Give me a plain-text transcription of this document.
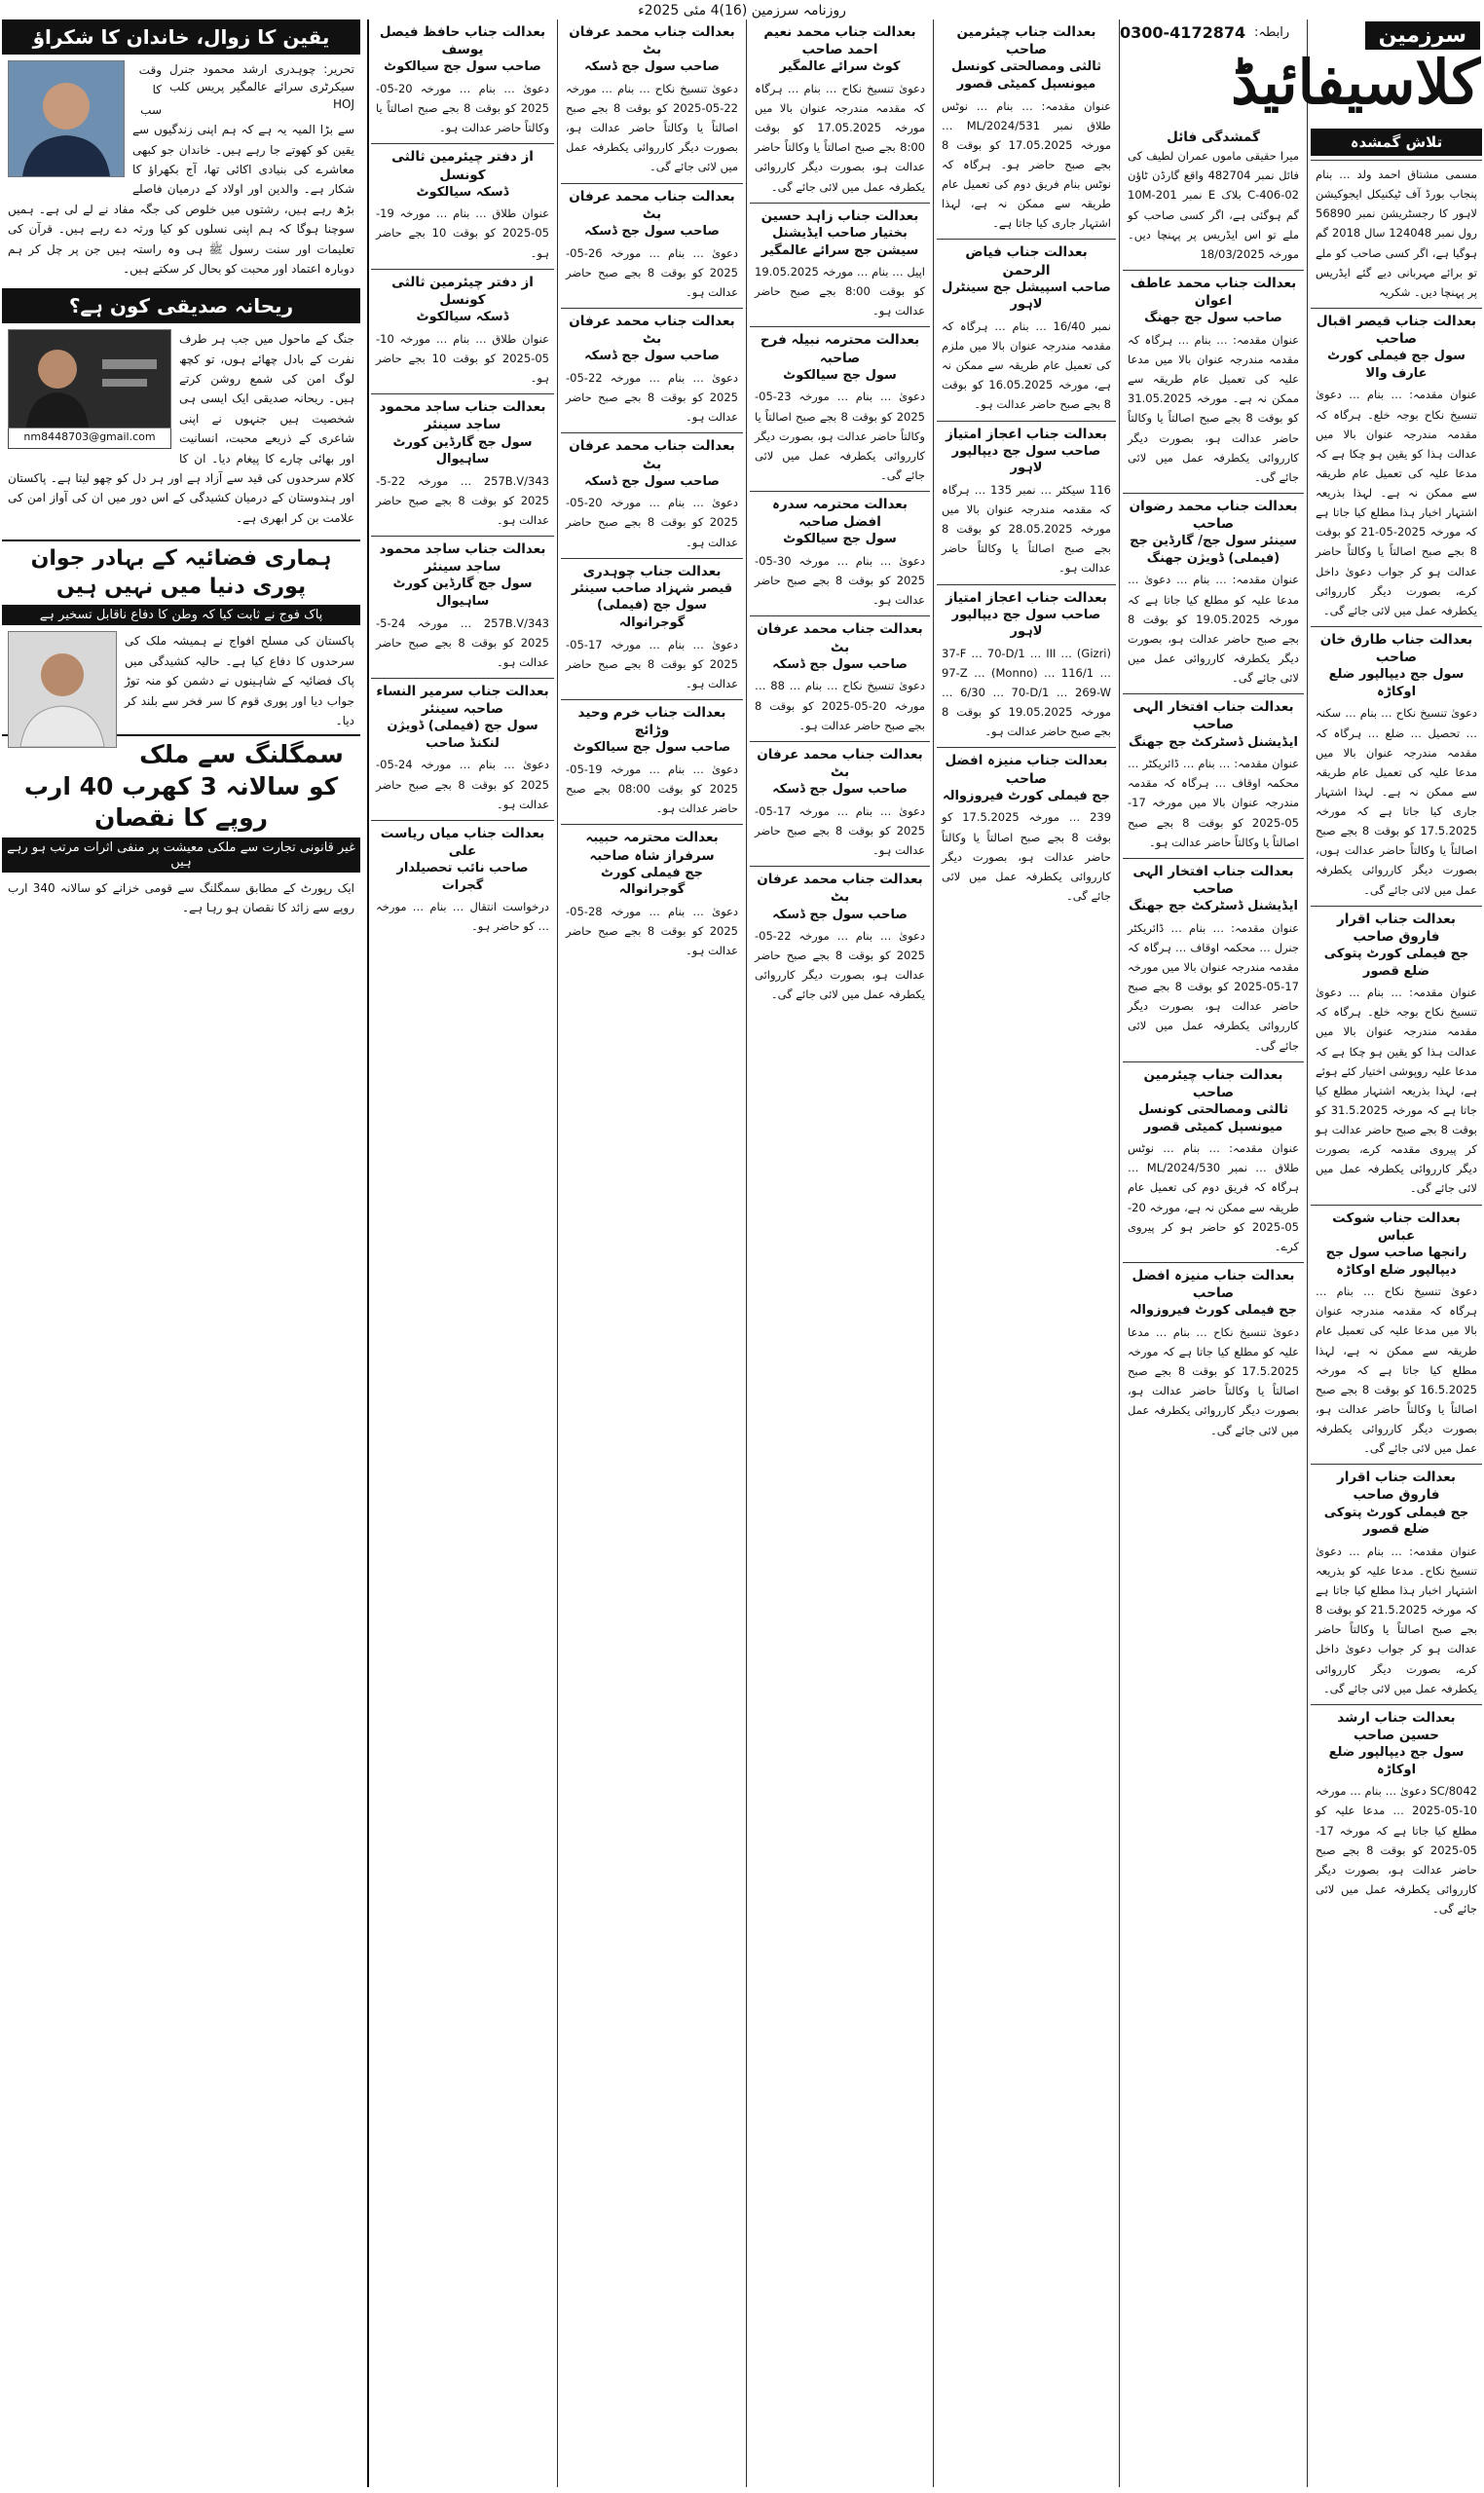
روزنامہ سرزمین (16)4 مئی 2025ء
تلاش گمشدہ
مسمی مشتاق احمد ولد … بنام پنجاب بورڈ آف ٹیکنیکل ایجوکیشن لاہور کا رجسٹریشن نمبر 56890 رول نمبر 124048 سال 2018 گم ہوگیا ہے، اگر کسی صاحب کو ملے تو برائے مہربانی دیے گئے ایڈریس پر پہنچا دیں۔ شکریہ
بعدالت جناب قیصر اقبال صاحب
سول جج فیملی کورٹ عارف والا
عنوان مقدمہ: … بنام … دعویٰ تنسیخ نکاح بوجہ خلع۔ ہرگاہ کہ مقدمہ مندرجہ عنوان بالا میں عدالت ہذا کو یقین ہو چکا ہے کہ مدعا علیہ کی تعمیل عام طریقہ سے ممکن نہ ہے۔ لہذا بذریعہ اشتہار اخبار ہذا مطلع کیا جاتا ہے کہ مورخہ 2025-05-21 کو بوقت 8 بجے صبح اصالتاً یا وکالتاً حاضر عدالت ہو کر جواب دعویٰ داخل کرے، بصورت دیگر کارروائی یکطرفہ عمل میں لائی جائے گی۔
بعدالت جناب طارق خان صاحب
سول جج دیپالپور ضلع اوکاڑہ
دعویٰ تنسیخ نکاح … بنام … سکنہ … تحصیل … ضلع … ہرگاہ کہ مقدمہ مندرجہ عنوان بالا میں مدعا علیہ کی تعمیل عام طریقہ سے ممکن نہ ہے۔ لہذا اشتہار جاری کیا جاتا ہے کہ مورخہ 17.5.2025 کو بوقت 8 بجے صبح اصالتاً یا وکالتاً حاضر عدالت ہوں، بصورت دیگر کارروائی یکطرفہ عمل میں لائی جائے گی۔
بعدالت جناب اقرار فاروق صاحب
جج فیملی کورٹ پتوکی ضلع قصور
عنوان مقدمہ: … بنام … دعویٰ تنسیخ نکاح بوجہ خلع۔ ہرگاہ کہ مقدمہ مندرجہ عنوان بالا میں عدالت ہذا کو یقین ہو چکا ہے کہ مدعا علیہ روپوشی اختیار کئے ہوئے ہے، لہذا بذریعہ اشتہار مطلع کیا جاتا ہے کہ مورخہ 31.5.2025 کو بوقت 8 بجے صبح حاضر عدالت ہو کر پیروی مقدمہ کرے، بصورت دیگر کارروائی یکطرفہ عمل میں لائی جائے گی۔
بعدالت جناب شوکت عباس
رانجھا صاحب سول جج دیپالپور ضلع اوکاڑہ
دعویٰ تنسیخ نکاح … بنام … ہرگاہ کہ مقدمہ مندرجہ عنوان بالا میں مدعا علیہ کی تعمیل عام طریقہ سے ممکن نہ ہے، لہذا مطلع کیا جاتا ہے کہ مورخہ 16.5.2025 کو بوقت 8 بجے صبح اصالتاً یا وکالتاً حاضر عدالت ہو، بصورت دیگر کارروائی یکطرفہ عمل میں لائی جائے گی۔
بعدالت جناب اقرار فاروق صاحب
جج فیملی کورٹ پتوکی ضلع قصور
عنوان مقدمہ: … بنام … دعویٰ تنسیخ نکاح۔ مدعا علیہ کو بذریعہ اشتہار اخبار ہذا مطلع کیا جاتا ہے کہ مورخہ 21.5.2025 کو بوقت 8 بجے صبح اصالتاً یا وکالتاً حاضر عدالت ہو کر جواب دعویٰ داخل کرے، بصورت دیگر کارروائی یکطرفہ عمل میں لائی جائے گی۔
بعدالت جناب ارشد حسین صاحب
سول جج دیپالپور ضلع اوکاڑہ
8042/SC دعویٰ … بنام … مورخہ 10-05-2025 … مدعا علیہ کو مطلع کیا جاتا ہے کہ مورخہ 17-05-2025 کو بوقت 8 بجے صبح حاضر عدالت ہو، بصورت دیگر کارروائی یکطرفہ عمل میں لائی جائے گی۔
سرزمین
کلاسیفائیڈ
رابطہ:
0300-4172874
گمشدگی فائل
میرا حقیقی ماموں عمران لطیف کی فائل نمبر 482704 واقع گارڈن ٹاؤن 02-C-406 بلاک E نمبر 10M-201 گم ہوگئی ہے، اگر کسی صاحب کو ملے تو اس ایڈریس پر پہنچا دیں۔ مورخہ 18/03/2025
بعدالت جناب محمد عاطف اعوان
صاحب سول جج جھنگ
عنوان مقدمہ: … بنام … ہرگاہ کہ مقدمہ مندرجہ عنوان بالا میں مدعا علیہ کی تعمیل عام طریقہ سے ممکن نہ ہے۔ مورخہ 31.05.2025 کو بوقت 8 بجے صبح اصالتاً یا وکالتاً حاضر عدالت ہو، بصورت دیگر کارروائی یکطرفہ عمل میں لائی جائے گی۔
بعدالت جناب محمد رضوان صاحب
سینئر سول جج/ گارڈین جج (فیملی) ڈویژن جھنگ
عنوان مقدمہ: … بنام … دعویٰ … مدعا علیہ کو مطلع کیا جاتا ہے کہ مورخہ 19.05.2025 کو بوقت 8 بجے صبح حاضر عدالت ہو، بصورت دیگر یکطرفہ کارروائی عمل میں لائی جائے گی۔
بعدالت جناب افتخار الہی صاحب
ایڈیشنل ڈسٹرکٹ جج جھنگ
عنوان مقدمہ: … بنام … ڈائریکٹر … محکمہ اوقاف … ہرگاہ کہ مقدمہ مندرجہ عنوان بالا میں مورخہ 17-05-2025 کو بوقت 8 بجے صبح اصالتاً یا وکالتاً حاضر عدالت ہو۔
بعدالت جناب افتخار الہی صاحب
ایڈیشنل ڈسٹرکٹ جج جھنگ
عنوان مقدمہ: … بنام … ڈائریکٹر جنرل … محکمہ اوقاف … ہرگاہ کہ مقدمہ مندرجہ عنوان بالا میں مورخہ 17-05-2025 کو بوقت 8 بجے صبح حاضر عدالت ہو، بصورت دیگر کارروائی یکطرفہ عمل میں لائی جائے گی۔
بعدالت جناب چیئرمین صاحب
ثالثی ومصالحتی کونسل میونسپل کمیٹی قصور
عنوان مقدمہ: … بنام … نوٹس طلاق … نمبر 530/ML/2024 … ہرگاہ کہ فریق دوم کی تعمیل عام طریقہ سے ممکن نہ ہے، مورخہ 20-05-2025 کو حاضر ہو کر پیروی کرے۔
بعدالت جناب منیزہ افضل صاحب
جج فیملی کورٹ فیروزوالہ
دعویٰ تنسیخ نکاح … بنام … مدعا علیہ کو مطلع کیا جاتا ہے کہ مورخہ 17.5.2025 کو بوقت 8 بجے صبح اصالتاً یا وکالتاً حاضر عدالت ہو، بصورت دیگر کارروائی یکطرفہ عمل میں لائی جائے گی۔
بعدالت جناب چیئرمین صاحب
ثالثی ومصالحتی کونسل میونسپل کمیٹی قصور
عنوان مقدمہ: … بنام … نوٹس طلاق نمبر 531/ML/2024 … مورخہ 17.05.2025 کو بوقت 8 بجے صبح حاضر ہو۔ ہرگاہ کہ نوٹس بنام فریق دوم کی تعمیل عام طریقہ سے ممکن نہ ہے، لہذا اشتہار جاری کیا جاتا ہے۔
بعدالت جناب فیاض الرحمن
صاحب اسپیشل جج سینٹرل لاہور
نمبر 16/40 … بنام … ہرگاہ کہ مقدمہ مندرجہ عنوان بالا میں ملزم کی تعمیل عام طریقہ سے ممکن نہ ہے، مورخہ 16.05.2025 کو بوقت 8 بجے صبح حاضر عدالت ہو۔
بعدالت جناب اعجاز امتیاز
صاحب سول جج دیپالپور لاہور
116 سیکٹر … نمبر 135 … ہرگاہ کہ مقدمہ مندرجہ عنوان بالا میں مورخہ 28.05.2025 کو بوقت 8 بجے صبح اصالتاً یا وکالتاً حاضر عدالت ہو۔
بعدالت جناب اعجاز امتیاز
صاحب سول جج دیپالپور لاہور
(Gizri) … 37-F … 70-D/1 … III 97-Z … (Monno) … 116/1 … 6/30 … 70-D/1 … 269-W … مورخہ 19.05.2025 کو بوقت 8 بجے صبح حاضر عدالت ہو۔
بعدالت جناب منیزہ افضل صاحب
جج فیملی کورٹ فیروزوالہ
239 … مورخہ 17.5.2025 کو بوقت 8 بجے صبح اصالتاً یا وکالتاً حاضر عدالت ہو، بصورت دیگر کارروائی یکطرفہ عمل میں لائی جائے گی۔
بعدالت جناب محمد نعیم احمد صاحب
کوٹ سرائے عالمگیر
دعویٰ تنسیخ نکاح … بنام … ہرگاہ کہ مقدمہ مندرجہ عنوان بالا میں مورخہ 17.05.2025 کو بوقت 8:00 بجے صبح اصالتاً یا وکالتاً حاضر عدالت ہو، بصورت دیگر کارروائی یکطرفہ عمل میں لائی جائے گی۔
بعدالت جناب زاہد حسین
بختیار صاحب ایڈیشنل سیشن جج سرائے عالمگیر
اپیل … بنام … مورخہ 19.05.2025 کو بوقت 8:00 بجے صبح حاضر عدالت ہو۔
بعدالت محترمہ نبیلہ فرح صاحبہ
سول جج سیالکوٹ
دعویٰ … بنام … مورخہ 23-05-2025 کو بوقت 8 بجے صبح اصالتاً یا وکالتاً حاضر عدالت ہو، بصورت دیگر کارروائی یکطرفہ عمل میں لائی جائے گی۔
بعدالت محترمہ سدرہ افضل صاحبہ
سول جج سیالکوٹ
دعویٰ … بنام … مورخہ 30-05-2025 کو بوقت 8 بجے صبح حاضر عدالت ہو۔
بعدالت جناب محمد عرفان بٹ
صاحب سول جج ڈسکہ
دعویٰ تنسیخ نکاح … بنام … 88 … مورخہ 20-05-2025 کو بوقت 8 بجے صبح حاضر عدالت ہو۔
بعدالت جناب محمد عرفان بٹ
صاحب سول جج ڈسکہ
دعویٰ … بنام … مورخہ 17-05-2025 کو بوقت 8 بجے صبح حاضر عدالت ہو۔
بعدالت جناب محمد عرفان بٹ
صاحب سول جج ڈسکہ
دعویٰ … بنام … مورخہ 22-05-2025 کو بوقت 8 بجے صبح حاضر عدالت ہو، بصورت دیگر کارروائی یکطرفہ عمل میں لائی جائے گی۔
بعدالت جناب محمد عرفان بٹ
صاحب سول جج ڈسکہ
دعویٰ تنسیخ نکاح … بنام … مورخہ 22-05-2025 کو بوقت 8 بجے صبح اصالتاً یا وکالتاً حاضر عدالت ہو، بصورت دیگر کارروائی یکطرفہ عمل میں لائی جائے گی۔
بعدالت جناب محمد عرفان بٹ
صاحب سول جج ڈسکہ
دعویٰ … بنام … مورخہ 26-05-2025 کو بوقت 8 بجے صبح حاضر عدالت ہو۔
بعدالت جناب محمد عرفان بٹ
صاحب سول جج ڈسکہ
دعویٰ … بنام … مورخہ 22-05-2025 کو بوقت 8 بجے صبح حاضر عدالت ہو۔
بعدالت جناب محمد عرفان بٹ
صاحب سول جج ڈسکہ
دعویٰ … بنام … مورخہ 20-05-2025 کو بوقت 8 بجے صبح حاضر عدالت ہو۔
بعدالت جناب چوہدری
قیصر شہزاد صاحب سینئر سول جج (فیملی) گوجرانوالہ
دعویٰ … بنام … مورخہ 17-05-2025 کو بوقت 8 بجے صبح حاضر عدالت ہو۔
بعدالت جناب خرم وحید وڑائچ
صاحب سول جج سیالکوٹ
دعویٰ … بنام … مورخہ 19-05-2025 کو بوقت 08:00 بجے صبح حاضر عدالت ہو۔
بعدالت محترمہ حبیبہ سرفراز شاہ صاحبہ
جج فیملی کورٹ گوجرانوالہ
دعویٰ … بنام … مورخہ 28-05-2025 کو بوقت 8 بجے صبح حاضر عدالت ہو۔
بعدالت جناب حافظ فیصل یوسف
صاحب سول جج سیالکوٹ
دعویٰ … بنام … مورخہ 20-05-2025 کو بوقت 8 بجے صبح اصالتاً یا وکالتاً حاضر عدالت ہو۔
از دفتر چیئرمین ثالثی کونسل
ڈسکہ سیالکوٹ
عنوان طلاق … بنام … مورخہ 19-05-2025 کو بوقت 10 بجے حاضر ہو۔
از دفتر چیئرمین ثالثی کونسل
ڈسکہ سیالکوٹ
عنوان طلاق … بنام … مورخہ 10-05-2025 کو بوقت 10 بجے حاضر ہو۔
بعدالت جناب ساجد محمود ساجد سینئر
سول جج گارڈین کورٹ ساہیوال
257B.V/343 … مورخہ 22-5-2025 کو بوقت 8 بجے صبح حاضر عدالت ہو۔
بعدالت جناب ساجد محمود ساجد سینئر
سول جج گارڈین کورٹ ساہیوال
257B.V/343 … مورخہ 24-5-2025 کو بوقت 8 بجے صبح حاضر عدالت ہو۔
بعدالت جناب سرمیر النساء صاحبہ سینئر
سول جج (فیملی) ڈویژن لنکنڈ صاحب
دعویٰ … بنام … مورخہ 24-05-2025 کو بوقت 8 بجے صبح حاضر عدالت ہو۔
بعدالت جناب میاں ریاست علی
صاحب نائب تحصیلدار گجرات
درخواست انتقال … بنام … مورخہ … کو حاضر ہو۔
یقین کا زوال، خاندان کا شکراؤ
تحریر: چوہدری ارشد محمود جنرل سیکرٹری سرائے عالمگیر پریس کلب HOJ
وقت کا سب سے بڑا المیہ یہ ہے کہ ہم اپنی زندگیوں سے یقین کو کھوتے جا رہے ہیں۔ خاندان جو کبھی معاشرے کی بنیادی اکائی تھا، آج بکھراؤ کا شکار ہے۔ والدین اور اولاد کے درمیان فاصلے بڑھ رہے ہیں، رشتوں میں خلوص کی جگہ مفاد نے لے لی ہے۔ ہمیں سوچنا ہوگا کہ ہم اپنی نسلوں کو کیا ورثہ دے رہے ہیں۔ قرآن کی تعلیمات اور سنت رسول ﷺ ہی وہ راستہ ہیں جن پر چل کر ہم دوبارہ اعتماد اور محبت کو بحال کر سکتے ہیں۔
ریحانہ صدیقی کون ہے؟
nm8448703@gmail.com
جنگ کے ماحول میں جب ہر طرف نفرت کے بادل چھائے ہوں، تو کچھ لوگ امن کی شمع روشن کرتے ہیں۔ ریحانہ صدیقی ایک ایسی ہی شخصیت ہیں جنہوں نے اپنی شاعری کے ذریعے محبت، انسانیت اور بھائی چارے کا پیغام دیا۔ ان کا کلام سرحدوں کی قید سے آزاد ہے اور ہر دل کو چھو لیتا ہے۔ پاکستان اور ہندوستان کے درمیان کشیدگی کے اس دور میں ان کی آواز امن کی علامت بن کر ابھری ہے۔
ہماری فضائیہ کے بہادر جوان پوری دنیا میں نہیں ہیں
پاک فوج نے ثابت کیا کہ وطن کا دفاع ناقابل تسخیر ہے
پاکستان کی مسلح افواج نے ہمیشہ ملک کی سرحدوں کا دفاع کیا ہے۔ حالیہ کشیدگی میں پاک فضائیہ کے شاہینوں نے دشمن کو منہ توڑ جواب دیا اور پوری قوم کا سر فخر سے بلند کر دیا۔
سمگلنگ سے ملک کو سالانہ 3 کھرب 40 ارب روپے کا نقصان
غیر قانونی تجارت سے ملکی معیشت پر منفی اثرات مرتب ہو رہے ہیں
ایک رپورٹ کے مطابق سمگلنگ سے قومی خزانے کو سالانہ 340 ارب روپے سے زائد کا نقصان ہو رہا ہے۔
